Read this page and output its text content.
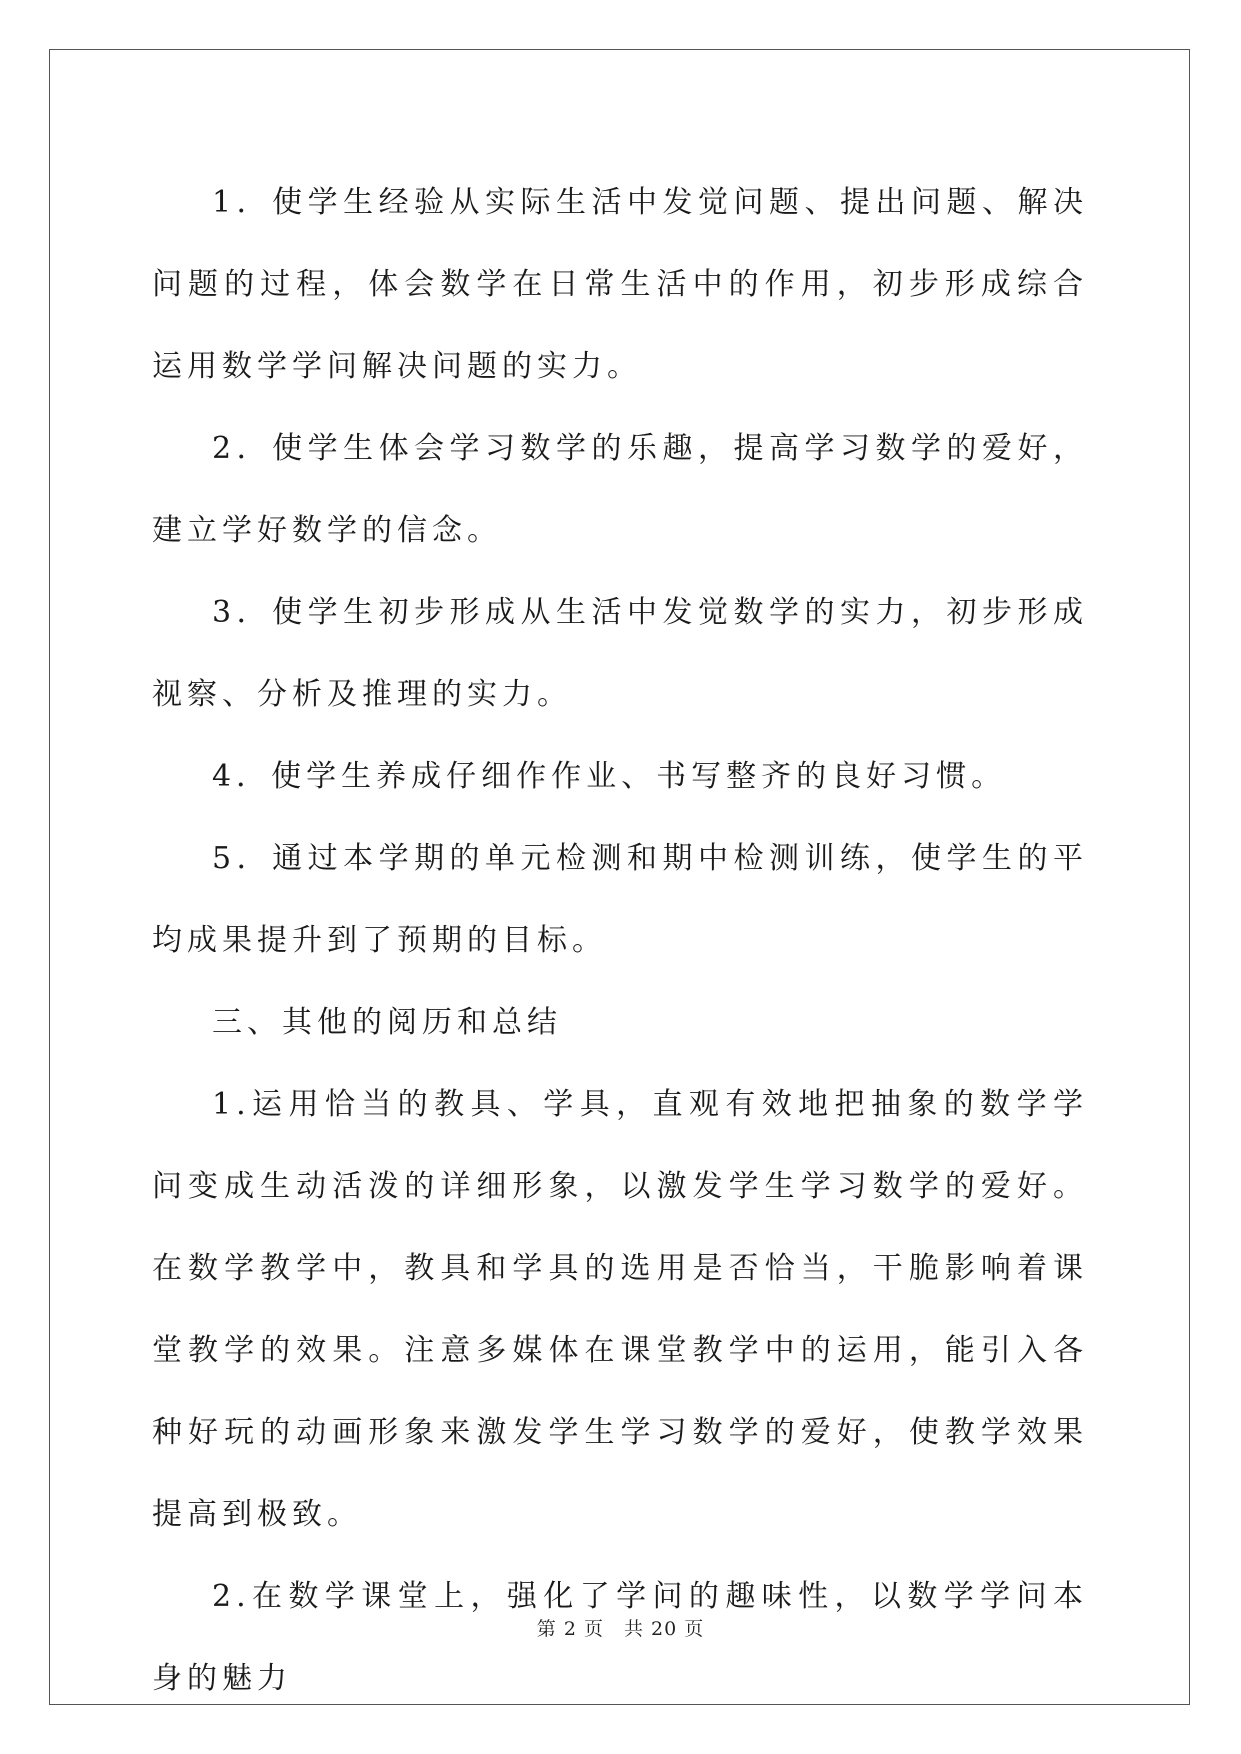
1．使学生经验从实际生活中发觉问题、提出问题、解决问题的过程，体会数学在日常生活中的作用，初步形成综合运用数学学问解决问题的实力。

2．使学生体会学习数学的乐趣，提高学习数学的爱好，建立学好数学的信念。

3．使学生初步形成从生活中发觉数学的实力，初步形成视察、分析及推理的实力。

4．使学生养成仔细作作业、书写整齐的良好习惯。

5．通过本学期的单元检测和期中检测训练，使学生的平均成果提升到了预期的目标。

三、其他的阅历和总结

1.运用恰当的教具、学具，直观有效地把抽象的数学学问变成生动活泼的详细形象，以激发学生学习数学的爱好。在数学教学中，教具和学具的选用是否恰当，干脆影响着课堂教学的效果。注意多媒体在课堂教学中的运用，能引入各种好玩的动画形象来激发学生学习数学的爱好，使教学效果提高到极致。

2.在数学课堂上，强化了学问的趣味性，以数学学问本身的魅力

第 2 页　共 20 页
